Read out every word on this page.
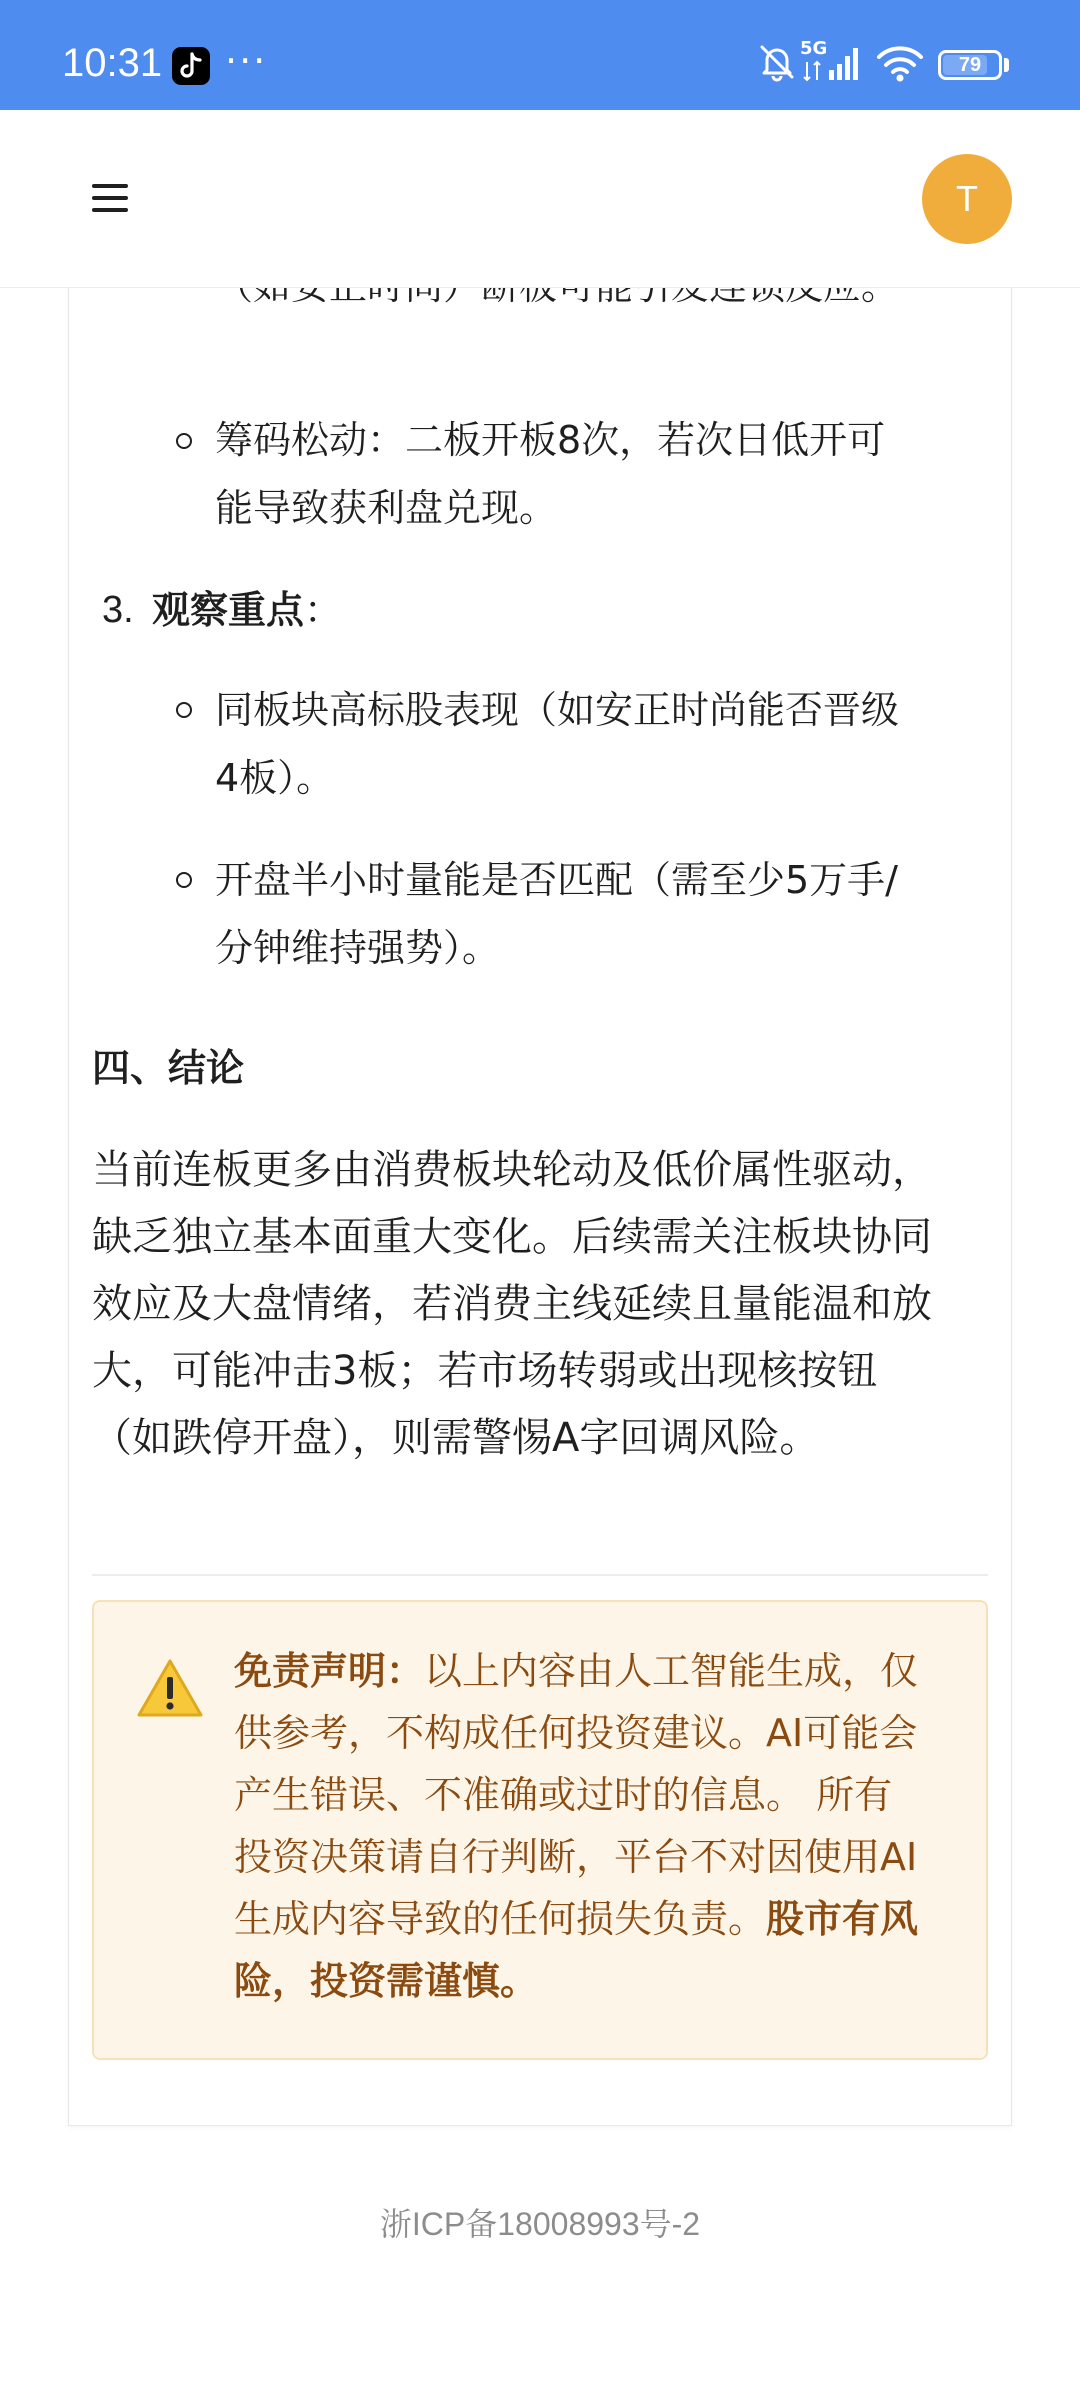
10:31 ···	5G
79
T
筹码松动：二板开板8次，若次日低开可
能导致获利盘兑现。
3. 观察重点：
同板块高标股表现（如安正时尚能否晋级
4板）。
开盘半小时量能是否匹配（需至少5万手/
分钟维持强势）。
四、结论
当前连板更多由消费板块轮动及低价属性驱动，
缺乏独立基本面重大变化。后续需关注板块协同
效应及大盘情绪，若消费主线延续且量能温和放
大，可能冲击3板；若市场转弱或出现核按钮
（如跌停开盘），则需警惕A字回调风险。
免责声明：以上内容由人工智能生成，仅
供参考，不构成任何投资建议。AI可能会
产生错误、不准确或过时的信息。 所有
投资决策请自行判断，平台不对因使用AI
生成内容导致的任何损失负责。股市有风
险，投资需谨慎。
浙ICP备18008993号-2
